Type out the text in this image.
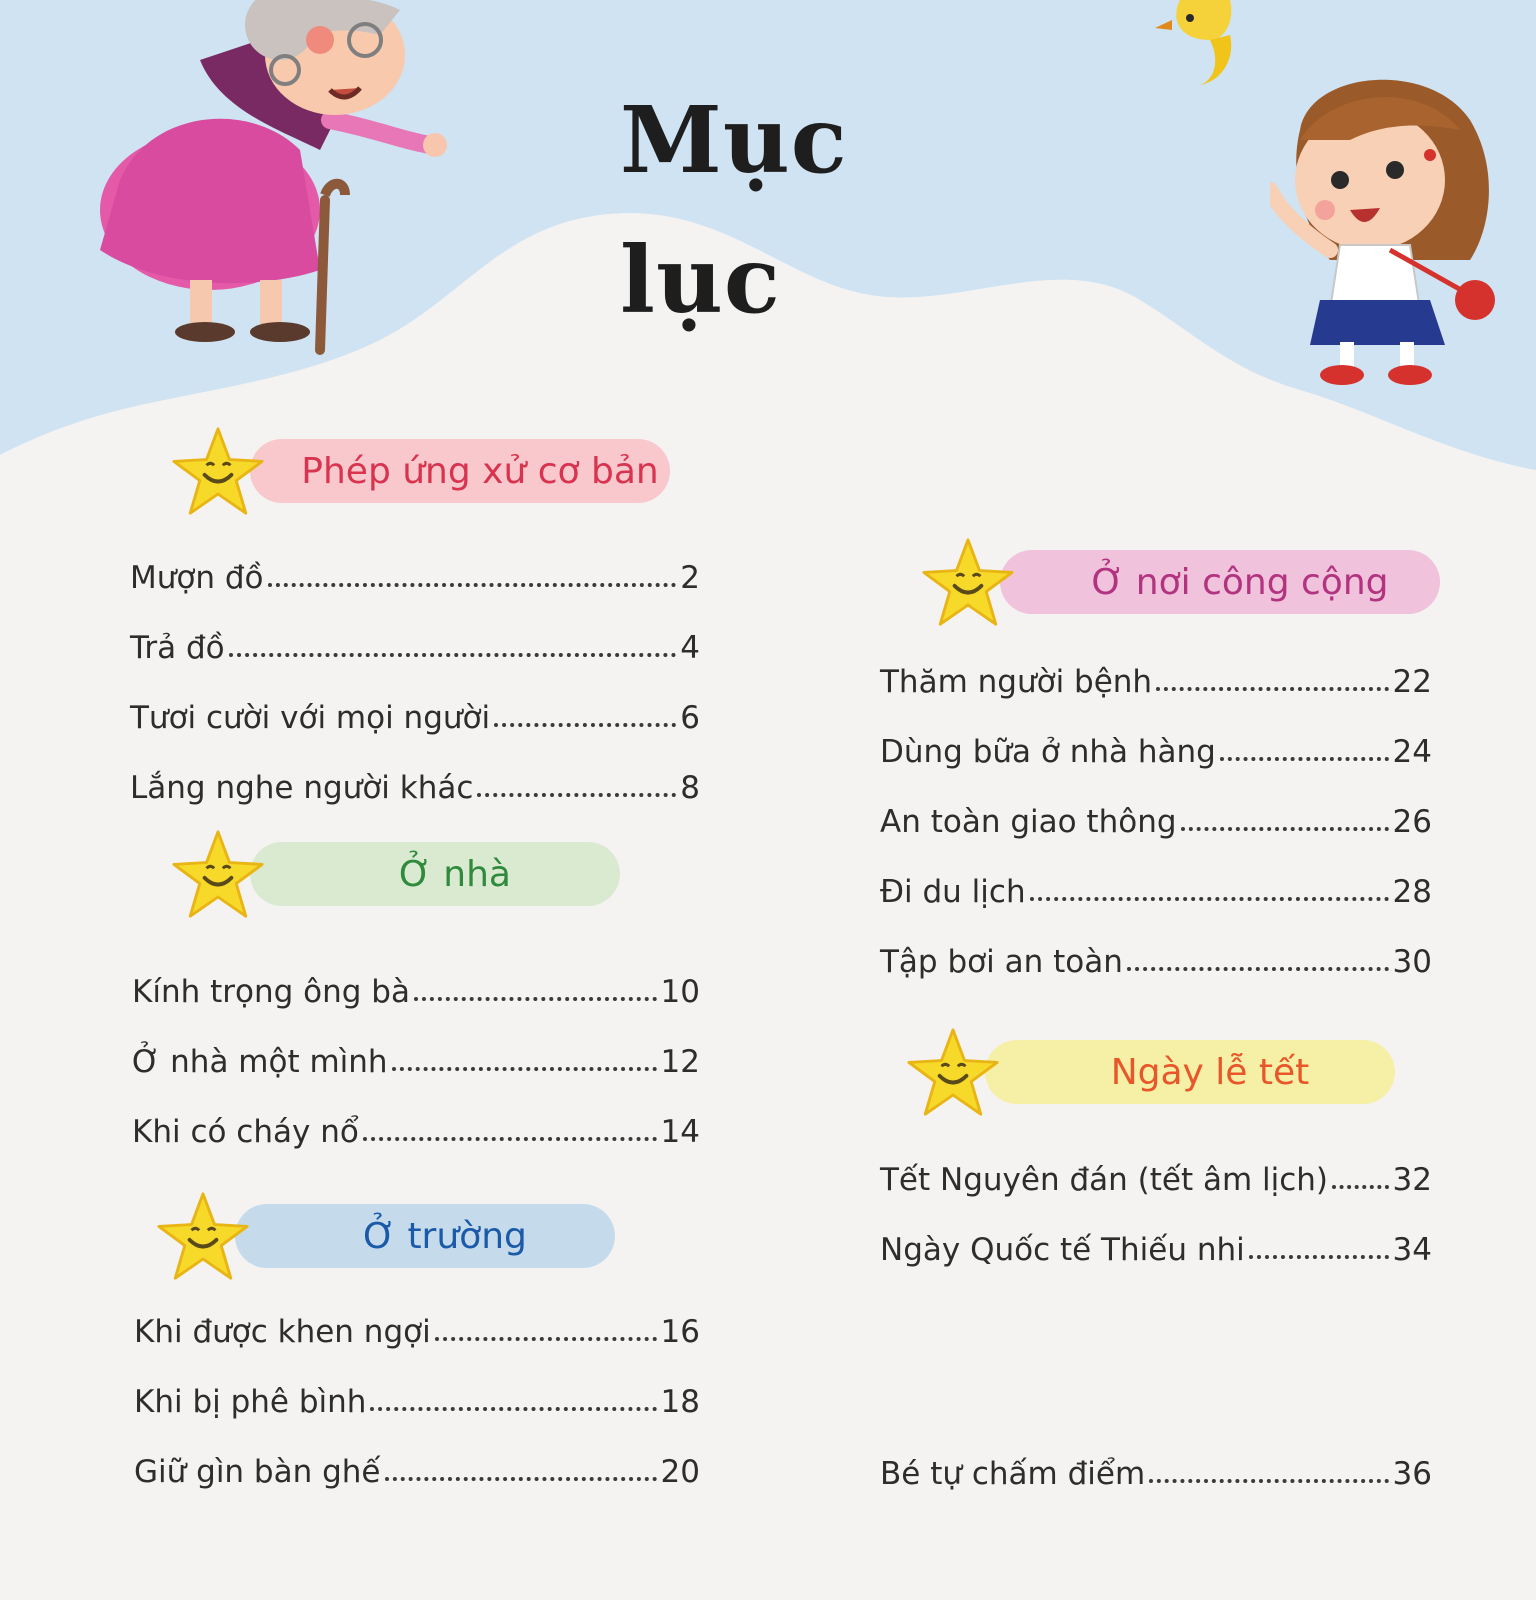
Mục lục
Phép ứng xử cơ bản
Mượn đồ	2
Trả đồ	4
Tươi cười với mọi người	6
Lắng nghe người khác	8
Ở nhà
Kính trọng ông bà	10
Ở nhà một mình	12
Khi có cháy nổ	14
Ở trường
Khi được khen ngợi	16
Khi bị phê bình	18
Giữ gìn bàn ghế	20
Ở nơi công cộng
Thăm người bệnh	22
Dùng bữa ở nhà hàng	24
An toàn giao thông	26
Đi du lịch	28
Tập bơi an toàn	30
Ngày lễ tết
Tết Nguyên đán (tết âm lịch) 32
Ngày Quốc tế Thiếu nhi	34
Bé tự chấm điểm	36
